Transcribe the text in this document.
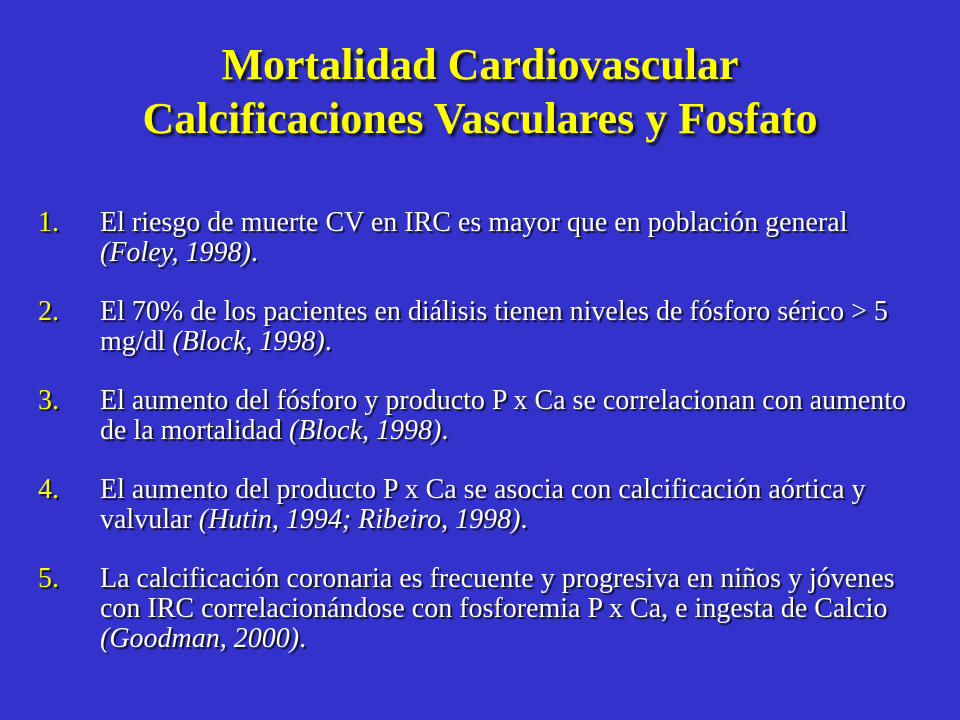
Mortalidad Cardiovascular
Calcificaciones Vasculares y Fosfato
1. El riesgo de muerte CV en IRC es mayor que en población general (Foley, 1998).
2. El 70% de los pacientes en diálisis tienen niveles de fósforo sérico > 5 mg/dl (Block, 1998).
3. El aumento del fósforo y producto P x Ca se correlacionan con aumento de la mortalidad (Block, 1998).
4. El aumento del producto P x Ca se asocia con calcificación aórtica y valvular (Hutin, 1994; Ribeiro, 1998).
5. La calcificación coronaria es frecuente y progresiva en niños y jóvenes con IRC correlacionándose con fosforemia P x Ca, e ingesta de Calcio (Goodman, 2000).
